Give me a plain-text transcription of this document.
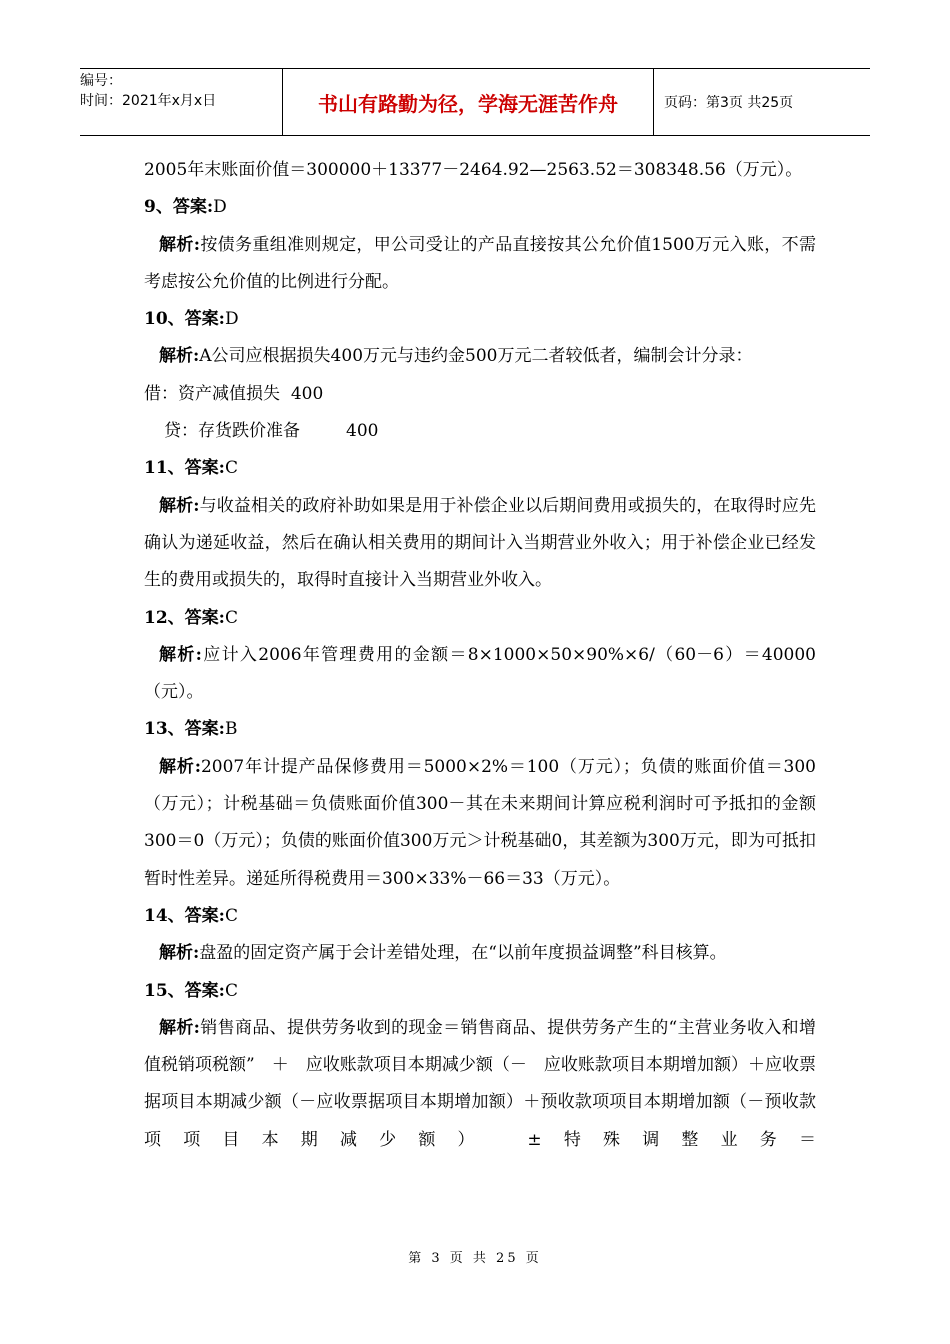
编号：
时间：2021年x月x日	书山有路勤为径，学海无涯苦作舟	页码：第3页 共25页

2005年末账面价值＝300000＋13377－2464.92—2563.52＝308348.56（万元）。

9、答案:D

解析:按债务重组准则规定，甲公司受让的产品直接按其公允价值1500万元入账，不需考虑按公允价值的比例进行分配。

10、答案:D

解析:A公司应根据损失400万元与违约金500万元二者较低者，编制会计分录：

借：资产减值损失 400

贷：存货跌价准备	400

11、答案:C

解析:与收益相关的政府补助如果是用于补偿企业以后期间费用或损失的，在取得时应先确认为递延收益，然后在确认相关费用的期间计入当期营业外收入；用于补偿企业已经发生的费用或损失的，取得时直接计入当期营业外收入。

12、答案:C

解析:应计入2006年管理费用的金额＝8×1000×50×90%×6/（60－6）＝40000（元）。

13、答案:B

解析:2007年计提产品保修费用＝5000×2%＝100（万元）；负债的账面价值＝300（万元）；计税基础＝负债账面价值300－其在未来期间计算应税利润时可予抵扣的金额300＝0（万元）；负债的账面价值300万元＞计税基础0，其差额为300万元，即为可抵扣暂时性差异。递延所得税费用＝300×33%－66＝33（万元）。

14、答案:C

解析:盘盈的固定资产属于会计差错处理，在“以前年度损益调整”科目核算。

15、答案:C

解析:销售商品、提供劳务收到的现金＝销售商品、提供劳务产生的“主营业务收入和增值税销项税额”　＋　应收账款项目本期减少额（－　应收账款项目本期增加额）＋应收票据项目本期减少额（－应收票据项目本期增加额）＋预收款项项目本期增加额（－预收款项项目本期减少额）　±特殊调整业务＝

第 3 页 共 25 页
